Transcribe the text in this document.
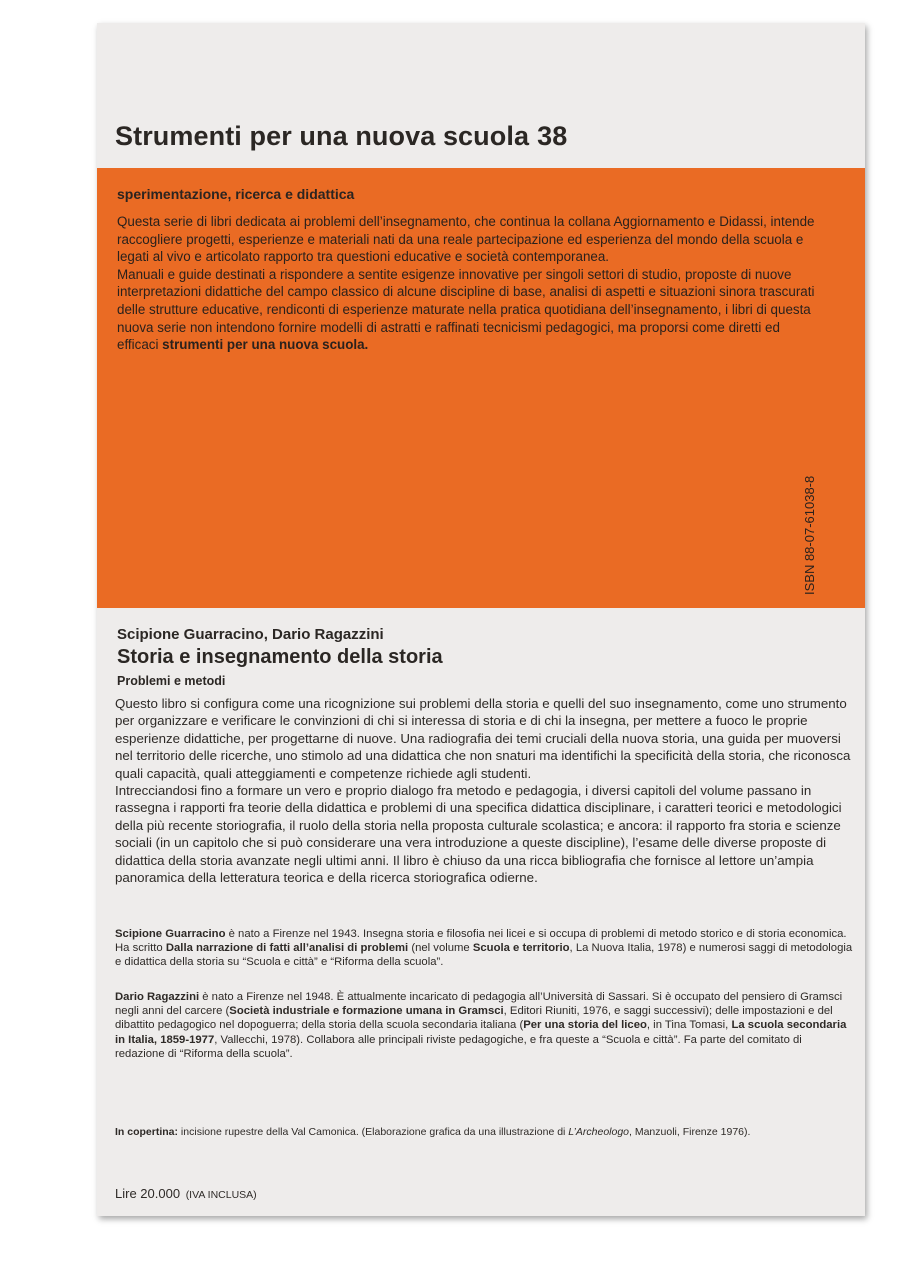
Strumenti per una nuova scuola 38
sperimentazione, ricerca e didattica

Questa serie di libri dedicata ai problemi dell’insegnamento, che continua la collana Aggiornamento e Didassi, intende raccogliere progetti, esperienze e materiali nati da una reale partecipazione ed esperienza del mondo della scuola e legati al vivo e articolato rapporto tra questioni educative e società contemporanea.

Manuali e guide destinati a rispondere a sentite esigenze innovative per singoli settori di studio, proposte di nuove interpretazioni didattiche del campo classico di alcune discipline di base, analisi di aspetti e situazioni sinora trascurati delle strutture educative, rendiconti di esperienze maturate nella pratica quotidiana dell’insegnamento, i libri di questa nuova serie non intendono fornire modelli di astratti e raffinati tecnicismi pedagogici, ma proporsi come diretti ed efficaci strumenti per una nuova scuola.

ISBN 88-07-61038-8
Scipione Guarracino, Dario Ragazzini
Storia e insegnamento della storia
Problemi e metodi

Questo libro si configura come una ricognizione sui problemi della storia e quelli del suo insegnamento, come uno strumento per organizzare e verificare le convinzioni di chi si interessa di storia e di chi la insegna, per mettere a fuoco le proprie esperienze didattiche, per progettarne di nuove. Una radiografia dei temi cruciali della nuova storia, una guida per muoversi nel territorio delle ricerche, uno stimolo ad una didattica che non snaturi ma identifichi la specificità della storia, che riconosca quali capacità, quali atteggiamenti e competenze richiede agli studenti.

Intrecciandosi fino a formare un vero e proprio dialogo fra metodo e pedagogia, i diversi capitoli del volume passano in rassegna i rapporti fra teorie della didattica e problemi di una specifica didattica disciplinare, i caratteri teorici e metodologici della più recente storiografia, il ruolo della storia nella proposta culturale scolastica; e ancora: il rapporto fra storia e scienze sociali (in un capitolo che si può considerare una vera introduzione a queste discipline), l’esame delle diverse proposte di didattica della storia avanzate negli ultimi anni. Il libro è chiuso da una ricca bibliografia che fornisce al lettore un’ampia panoramica della letteratura teorica e della ricerca storiografica odierne.

Scipione Guarracino è nato a Firenze nel 1943. Insegna storia e filosofia nei licei e si occupa di problemi di metodo storico e di storia economica. Ha scritto Dalla narrazione di fatti all’analisi di problemi (nel volume Scuola e territorio, La Nuova Italia, 1978) e numerosi saggi di metodologia e didattica della storia su “Scuola e città” e “Riforma della scuola”.

Dario Ragazzini è nato a Firenze nel 1948. È attualmente incaricato di pedagogia all’Università di Sassari. Si è occupato del pensiero di Gramsci negli anni del carcere (Società industriale e formazione umana in Gramsci, Editori Riuniti, 1976, e saggi successivi); delle impostazioni e del dibattito pedagogico nel dopoguerra; della storia della scuola secondaria italiana (Per una storia del liceo, in Tina Tomasi, La scuola secondaria in Italia, 1859-1977, Vallecchi, 1978). Collabora alle principali riviste pedagogiche, e fra queste a “Scuola e città”. Fa parte del comitato di redazione di “Riforma della scuola”.

In copertina: incisione rupestre della Val Camonica. (Elaborazione grafica da una illustrazione di L’Archeologo, Manzuoli, Firenze 1976).
Lire 20.000 (IVA INCLUSA)
